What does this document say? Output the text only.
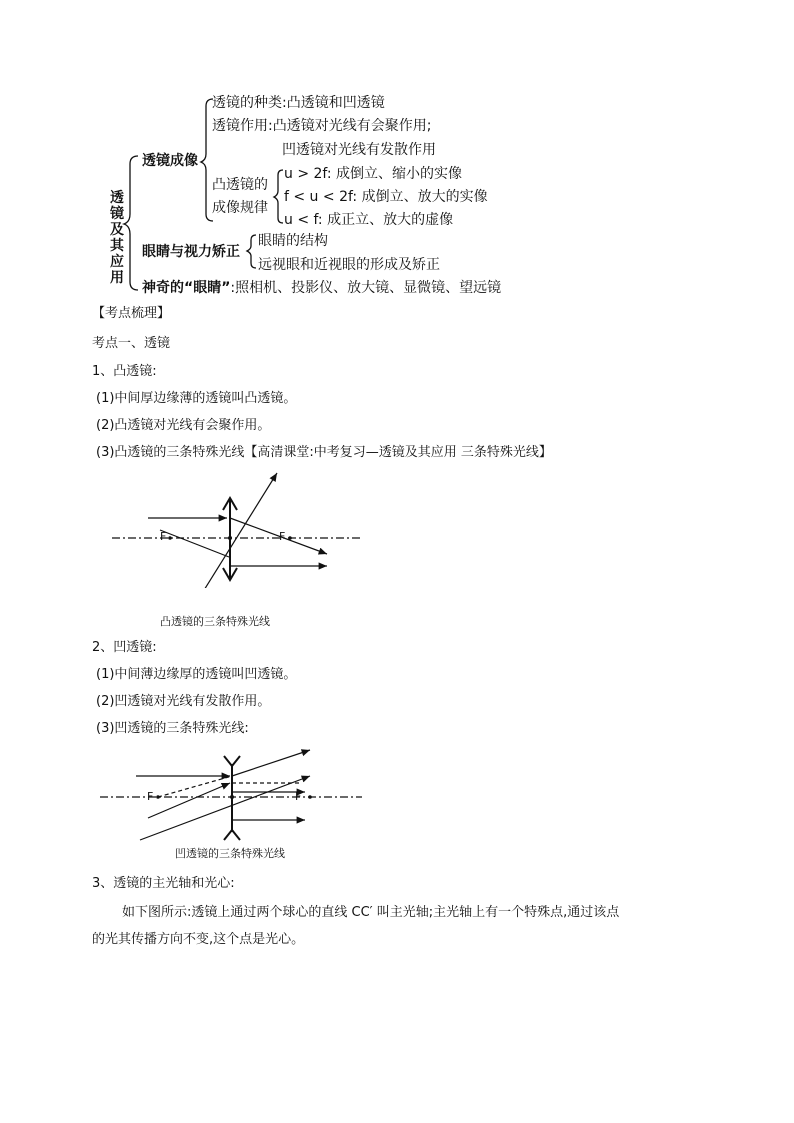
透
镜
及
其
应
用
透镜成像
透镜的种类:凸透镜和凹透镜
透镜作用:凸透镜对光线有会聚作用;
凹透镜对光线有发散作用
凸透镜的
成像规律
u > 2f: 成倒立、缩小的实像
f < u < 2f: 成倒立、放大的实像
u < f: 成正立、放大的虚像
眼睛与视力矫正
眼睛的结构
远视眼和近视眼的形成及矫正
神奇的“眼睛”:照相机、投影仪、放大镜、显微镜、望远镜
【考点梳理】
考点一、透镜
1、凸透镜:
(1)中间厚边缘薄的透镜叫凸透镜。
(2)凸透镜对光线有会聚作用。
(3)凸透镜的三条特殊光线【高清课堂:中考复习—透镜及其应用 三条特殊光线】
F	F
凸透镜的三条特殊光线
2、凹透镜:
(1)中间薄边缘厚的透镜叫凹透镜。
(2)凹透镜对光线有发散作用。
(3)凹透镜的三条特殊光线:
F	F
凹透镜的三条特殊光线
3、透镜的主光轴和光心:
如下图所示:透镜上通过两个球心的直线 CC′ 叫主光轴;主光轴上有一个特殊点,通过该点
的光其传播方向不变,这个点是光心。
